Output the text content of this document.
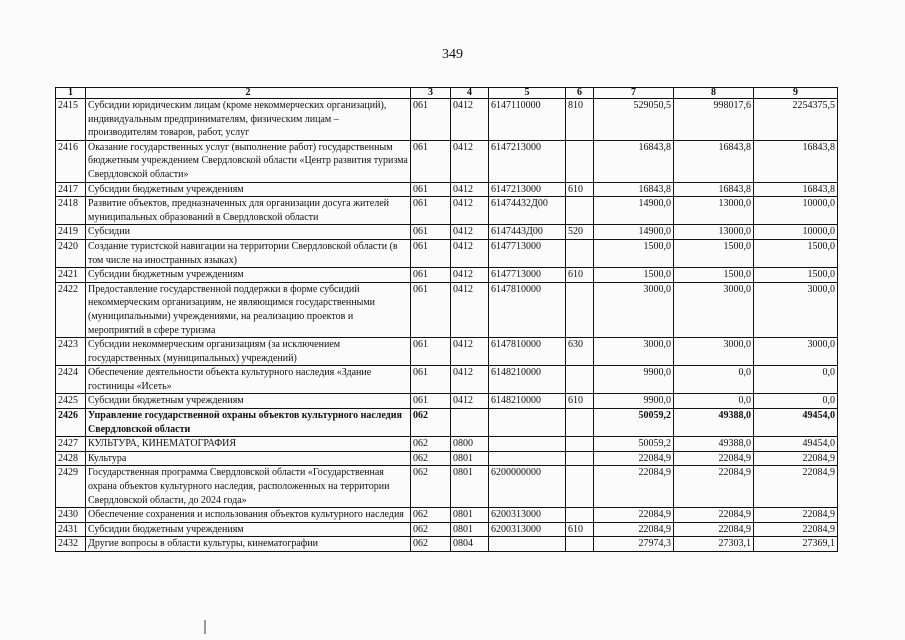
349
1	2	3	4	5	6	7	8	9
2415	Субсидии юридическим лицам (кроме некоммерческих организаций), индивидуальным предпринимателям, физическим лицам – производителям товаров, работ, услуг	061	0412	6147110000	810	529050,5	998017,6	2254375,5
2416	Оказание государственных услуг (выполнение работ) государственным бюджетным учреждением Свердловской области «Центр развития туризма Свердловской области»	061	0412	6147213000		16843,8	16843,8	16843,8
2417	Субсидии бюджетным учреждениям	061	0412	6147213000	610	16843,8	16843,8	16843,8
2418	Развитие объектов, предназначенных для организации досуга жителей муниципальных образований в Свердловской области	061	0412	61474432Д00		14900,0	13000,0	10000,0
2419	Субсидии	061	0412	6147443Д00	520	14900,0	13000,0	10000,0
2420	Создание туристской навигации на территории Свердловской области (в том числе на иностранных языках)	061	0412	6147713000		1500,0	1500,0	1500,0
2421	Субсидии бюджетным учреждениям	061	0412	6147713000	610	1500,0	1500,0	1500,0
2422	Предоставление государственной поддержки в форме субсидий некоммерческим организациям, не являющимся государственными (муниципальными) учреждениями, на реализацию проектов и мероприятий в сфере туризма	061	0412	6147810000		3000,0	3000,0	3000,0
2423	Субсидии некоммерческим организациям (за исключением государственных (муниципальных) учреждений)	061	0412	6147810000	630	3000,0	3000,0	3000,0
2424	Обеспечение деятельности объекта культурного наследия «Здание гостиницы «Исеть»	061	0412	6148210000		9900,0	0,0	0,0
2425	Субсидии бюджетным учреждениям	061	0412	6148210000	610	9900,0	0,0	0,0
2426	Управление государственной охраны объектов культурного наследия Свердловской области	062				50059,2	49388,0	49454,0
2427	КУЛЬТУРА, КИНЕМАТОГРАФИЯ	062	0800			50059,2	49388,0	49454,0
2428	Культура	062	0801			22084,9	22084,9	22084,9
2429	Государственная программа Свердловской области «Государственная охрана объектов культурного наследия, расположенных на территории Свердловской области, до 2024 года»	062	0801	6200000000		22084,9	22084,9	22084,9
2430	Обеспечение сохранения и использования объектов культурного наследия	062	0801	6200313000		22084,9	22084,9	22084,9
2431	Субсидии бюджетным учреждениям	062	0801	6200313000	610	22084,9	22084,9	22084,9
2432	Другие вопросы в области культуры, кинематографии	062	0804			27974,3	27303,1	27369,1
